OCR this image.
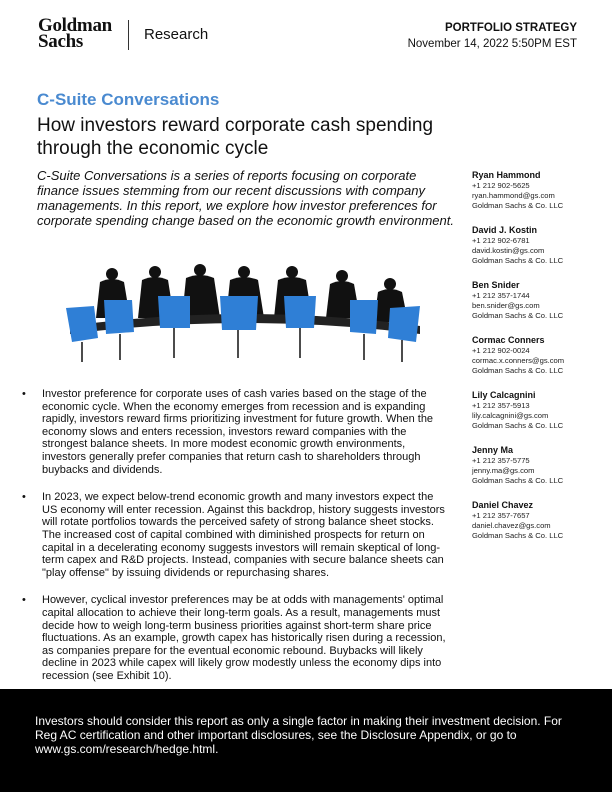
Goldman
Sachs	Research	PORTFOLIO STRATEGY
November 14, 2022 5:50PM EST
C-Suite Conversations
How investors reward corporate cash spending through the economic cycle
C-Suite Conversations is a series of reports focusing on corporate finance issues stemming from our recent discussions with company managements. In this report, we explore how investor preferences for corporate spending change based on the economic growth environment.
• Investor preference for corporate uses of cash varies based on the stage of the economic cycle. When the economy emerges from recession and is expanding rapidly, investors reward firms prioritizing investment for future growth. When the economy slows and enters recession, investors reward companies with the strongest balance sheets. In more modest economic growth environments, investors generally prefer companies that return cash to shareholders through buybacks and dividends.
• In 2023, we expect below-trend economic growth and many investors expect the US economy will enter recession. Against this backdrop, history suggests investors will rotate portfolios towards the perceived safety of strong balance sheet stocks. The increased cost of capital combined with diminished prospects for return on capital in a decelerating economy suggests investors will remain skeptical of long-term capex and R&D projects. Instead, companies with secure balance sheets can "play offense" by issuing dividends or repurchasing shares.
• However, cyclical investor preferences may be at odds with managements' optimal capital allocation to achieve their long-term goals. As a result, managements must decide how to weigh long-term business priorities against short-term share price fluctuations. As an example, growth capex has historically risen during a recession, as companies prepare for the eventual economic rebound. Buybacks will likely decline in 2023 while capex will likely grow modestly unless the economy dips into recession (see Exhibit 10).
Ryan Hammond
+1 212 902-5625
ryan.hammond@gs.com
Goldman Sachs & Co. LLC
David J. Kostin
+1 212 902-6781
david.kostin@gs.com
Goldman Sachs & Co. LLC
Ben Snider
+1 212 357-1744
ben.snider@gs.com
Goldman Sachs & Co. LLC
Cormac Conners
+1 212 902-0024
cormac.x.conners@gs.com
Goldman Sachs & Co. LLC
Lily Calcagnini
+1 212 357-5913
lily.calcagnini@gs.com
Goldman Sachs & Co. LLC
Jenny Ma
+1 212 357-5775
jenny.ma@gs.com
Goldman Sachs & Co. LLC
Daniel Chavez
+1 212 357-7657
daniel.chavez@gs.com
Goldman Sachs & Co. LLC
Investors should consider this report as only a single factor in making their investment decision. For Reg AC certification and other important disclosures, see the Disclosure Appendix, or go to www.gs.com/research/hedge.html.
